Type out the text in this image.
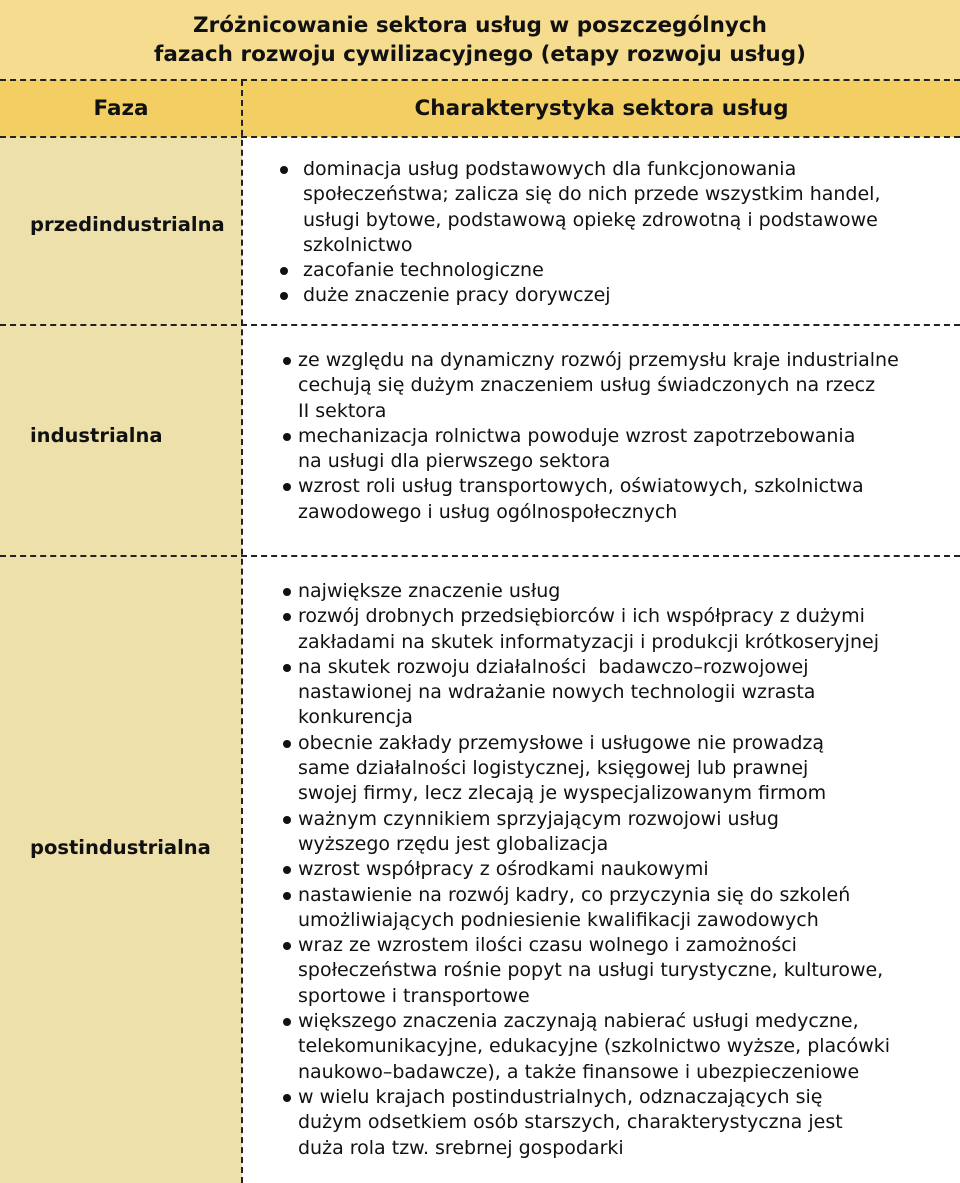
Zróżnicowanie sektora usług w poszczególnych
fazach rozwoju cywilizacyjnego (etapy rozwoju usług)
Faza	Charakterystyka sektora usług
przedindustrialna
industrialna
postindustrialna
dominacja usług podstawowych dla funkcjonowania
społeczeństwa; zalicza się do nich przede wszystkim handel,
usługi bytowe, podstawową opiekę zdrowotną i podstawowe
szkolnictwo
zacofanie technologiczne
duże znaczenie pracy dorywczej
ze względu na dynamiczny rozwój przemysłu kraje industrialne
cechują się dużym znaczeniem usług świadczonych na rzecz
II sektora
mechanizacja rolnictwa powoduje wzrost zapotrzebowania
na usługi dla pierwszego sektora
wzrost roli usług transportowych, oświatowych, szkolnictwa
zawodowego i usług ogólnospołecznych
największe znaczenie usług
rozwój drobnych przedsiębiorców i ich współpracy z dużymi
zakładami na skutek informatyzacji i produkcji krótkoseryjnej
na skutek rozwoju działalności  badawczo–rozwojowej
nastawionej na wdrażanie nowych technologii wzrasta
konkurencja
obecnie zakłady przemysłowe i usługowe nie prowadzą
same działalności logistycznej, księgowej lub prawnej
swojej firmy, lecz zlecają je wyspecjalizowanym firmom
ważnym czynnikiem sprzyjającym rozwojowi usług
wyższego rzędu jest globalizacja
wzrost współpracy z ośrodkami naukowymi
nastawienie na rozwój kadry, co przyczynia się do szkoleń
umożliwiających podniesienie kwalifikacji zawodowych
wraz ze wzrostem ilości czasu wolnego i zamożności
społeczeństwa rośnie popyt na usługi turystyczne, kulturowe,
sportowe i transportowe
większego znaczenia zaczynają nabierać usługi medyczne,
telekomunikacyjne, edukacyjne (szkolnictwo wyższe, placówki
naukowo–badawcze), a także finansowe i ubezpieczeniowe
w wielu krajach postindustrialnych, odznaczających się
dużym odsetkiem osób starszych, charakterystyczna jest
duża rola tzw. srebrnej gospodarki
